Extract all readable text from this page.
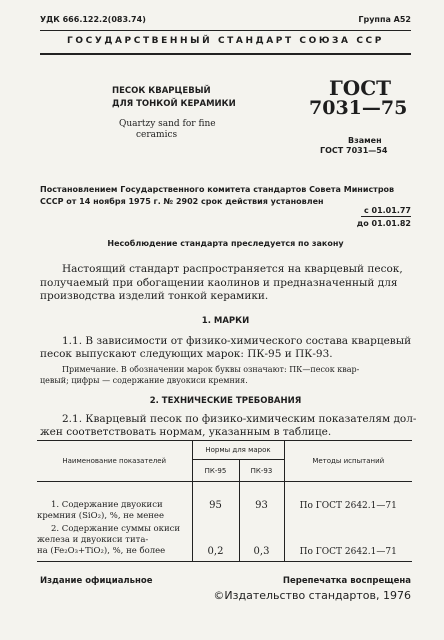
УДК 666.122.2(083.74)	Группа А52

ГОСУДАРСТВЕННЫЙ СТАНДАРТ СОЮЗА ССР

ПЕСОК КВАРЦЕВЫЙ

ДЛЯ ТОНКОЙ КЕРАМИКИ

Quartzy sand for fine

ceramics

ГОСТ

7031—75

Взамен

ГОСТ 7031—54

Постановлением Государственного комитета стандартов Совета Министров

СССР от 14 ноября 1975 г. № 2902 срок действия установлен

с 01.01.77

до 01.01.82

Несоблюдение стандарта преследуется по закону

Настоящий стандарт распространяется на кварцевый песок,

получаемый при обогащении каолинов и предназначенный для

производства изделий тонкой керамики.

1. МАРКИ

1.1. В зависимости от физико-химического состава кварцевый

песок выпускают следующих марок: ПК-95 и ПК-93.

Примечание. В обозначении марок буквы означают: ПК—песок квар-

цевый; цифры — содержание двуокиси кремния.

2. ТЕХНИЧЕСКИЕ ТРЕБОВАНИЯ

2.1. Кварцевый песок по физико-химическим показателям дол-

жен соответствовать нормам, указанным в таблице.

Наименование показателей	Нормы для марок		Методы испытаний
	ПК-95	ПК-93	

1. Содержание двуокиси
кремния (SiO₂), %, не менее	95	93	По ГОСТ 2642.1—71

2. Содержание суммы окиси
железа и двуокиси тита-
на (Fe₂O₃+TiO₂), %, не более	0,2	0,3	По ГОСТ 2642.1—71

Издание официальное	Перепечатка воспрещена

©Издательство стандартов, 1976
